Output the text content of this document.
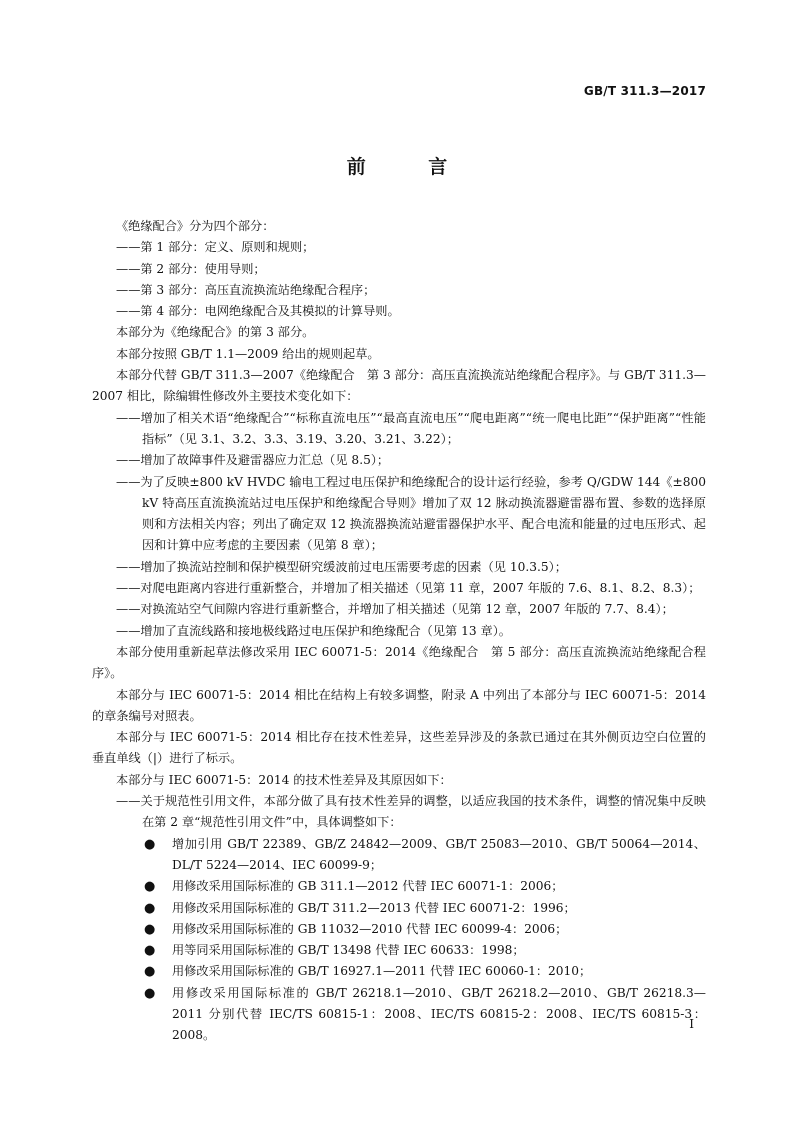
GB/T 311.3—2017
前 言

《绝缘配合》分为四个部分：

——第 1 部分：定义、原则和规则；

——第 2 部分：使用导则；

——第 3 部分：高压直流换流站绝缘配合程序；

——第 4 部分：电网绝缘配合及其模拟的计算导则。

本部分为《绝缘配合》的第 3 部分。

本部分按照 GB/T 1.1—2009 给出的规则起草。

本部分代替 GB/T 311.3—2007《绝缘配合　第 3 部分：高压直流换流站绝缘配合程序》。与 GB/T 311.3—2007 相比，除编辑性修改外主要技术变化如下：

——增加了相关术语“绝缘配合”“标称直流电压”“最高直流电压”“爬电距离”“统一爬电比距”“保护距离”“性能指标”（见 3.1、3.2、3.3、3.19、3.20、3.21、3.22）；

——增加了故障事件及避雷器应力汇总（见 8.5）；

——为了反映±800 kV HVDC 输电工程过电压保护和绝缘配合的设计运行经验，参考 Q/GDW 144《±800 kV 特高压直流换流站过电压保护和绝缘配合导则》增加了双 12 脉动换流器避雷器布置、参数的选择原则和方法相关内容；列出了确定双 12 换流器换流站避雷器保护水平、配合电流和能量的过电压形式、起因和计算中应考虑的主要因素（见第 8 章）；

——增加了换流站控制和保护模型研究缓波前过电压需要考虑的因素（见 10.3.5）；

——对爬电距离内容进行重新整合，并增加了相关描述（见第 11 章，2007 年版的 7.6、8.1、8.2、8.3）；

——对换流站空气间隙内容进行重新整合，并增加了相关描述（见第 12 章，2007 年版的 7.7、8.4）；

——增加了直流线路和接地极线路过电压保护和绝缘配合（见第 13 章）。

本部分使用重新起草法修改采用 IEC 60071-5：2014《绝缘配合　第 5 部分：高压直流换流站绝缘配合程序》。

本部分与 IEC 60071-5：2014 相比在结构上有较多调整，附录 A 中列出了本部分与 IEC 60071-5：2014 的章条编号对照表。

本部分与 IEC 60071-5：2014 相比存在技术性差异，这些差异涉及的条款已通过在其外侧页边空白位置的垂直单线（|）进行了标示。

本部分与 IEC 60071-5：2014 的技术性差异及其原因如下：

——关于规范性引用文件，本部分做了具有技术性差异的调整，以适应我国的技术条件，调整的情况集中反映在第 2 章“规范性引用文件”中，具体调整如下：

● 增加引用 GB/T 22389、GB/Z 24842—2009、GB/T 25083—2010、GB/T 50064—2014、DL/T 5224—2014、IEC 60099-9；

● 用修改采用国际标准的 GB 311.1—2012 代替 IEC 60071-1：2006；

● 用修改采用国际标准的 GB/T 311.2—2013 代替 IEC 60071-2：1996；

● 用修改采用国际标准的 GB 11032—2010 代替 IEC 60099-4：2006；

● 用等同采用国际标准的 GB/T 13498 代替 IEC 60633：1998；

● 用修改采用国际标准的 GB/T 16927.1—2011 代替 IEC 60060-1：2010；

● 用修改采用国际标准的 GB/T 26218.1—2010、GB/T 26218.2—2010、GB/T 26218.3—2011 分别代替 IEC/TS 60815-1：2008、IEC/TS 60815-2：2008、IEC/TS 60815-3：2008。

I
